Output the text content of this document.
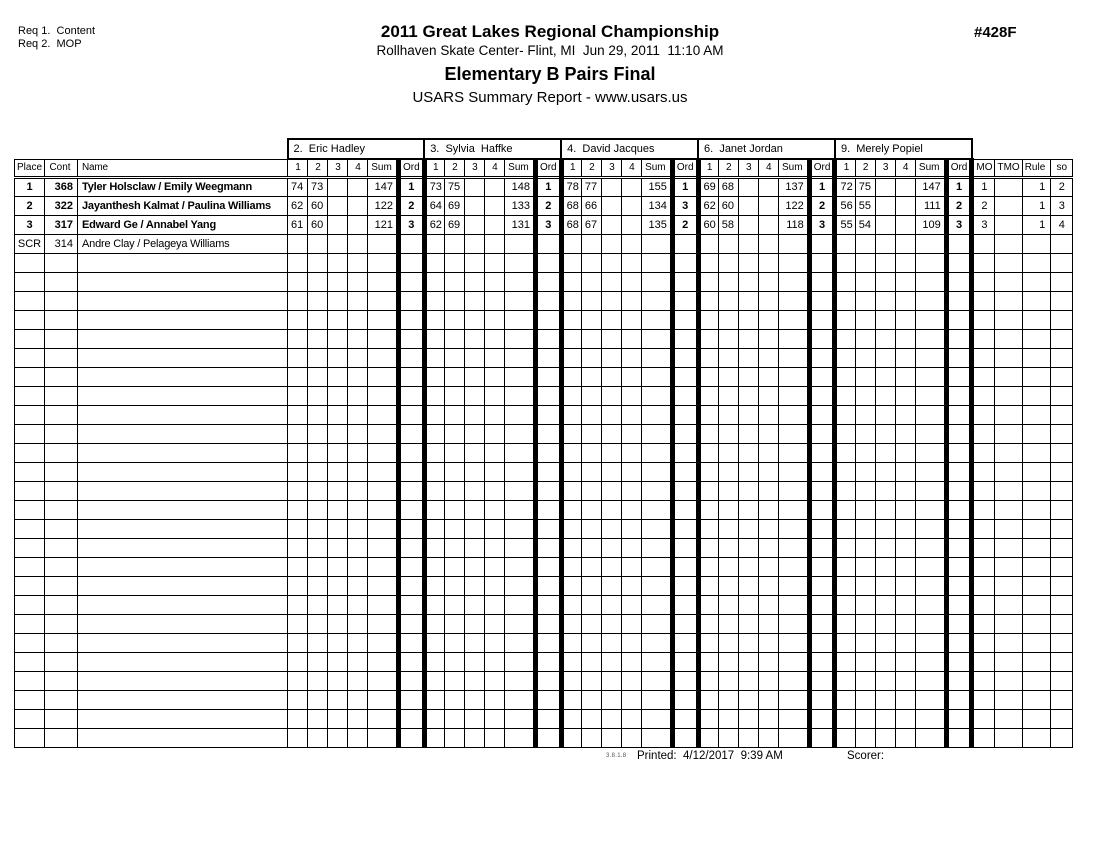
Req 1.  Content
Req 2.  MOP
2011 Great Lakes Regional Championship
Rollhaven Skate Center- Flint, MI  Jun 29, 2011  11:10 AM
Elementary B Pairs Final
USARS Summary Report - www.usars.us
#428F
			2.  Eric Hadley						3.  Sylvia  Haffke						4.  David Jacques						6.  Janet Jordan						9.  Merely Popiel									
Place	Cont	Name	1	2	3	4	Sum	Ord	1	2	3	4	Sum	Ord	1	2	3	4	Sum	Ord	1	2	3	4	Sum	Ord	1	2	3	4	Sum	Ord	MO	TMO	Rule	so
1	368	Tyler Holsclaw / Emily Weegmann	74	73			147	1	73	75			148	1	78	77			155	1	69	68			137	1	72	75			147	1	1		1	2
2	322	Jayanthesh Kalmat / Paulina Williams	62	60			122	2	64	69			133	2	68	66			134	3	62	60			122	2	56	55			111	2	2		1	3
3	317	Edward Ge / Annabel Yang	61	60			121	3	62	69			131	3	68	67			135	2	60	58			118	3	55	54			109	3	3		1	4
SCR	314	Andre Clay / Pelageya Williams																																		

3.8.1.8 Printed: 4/12/2017  9:39 AM	Scorer:
